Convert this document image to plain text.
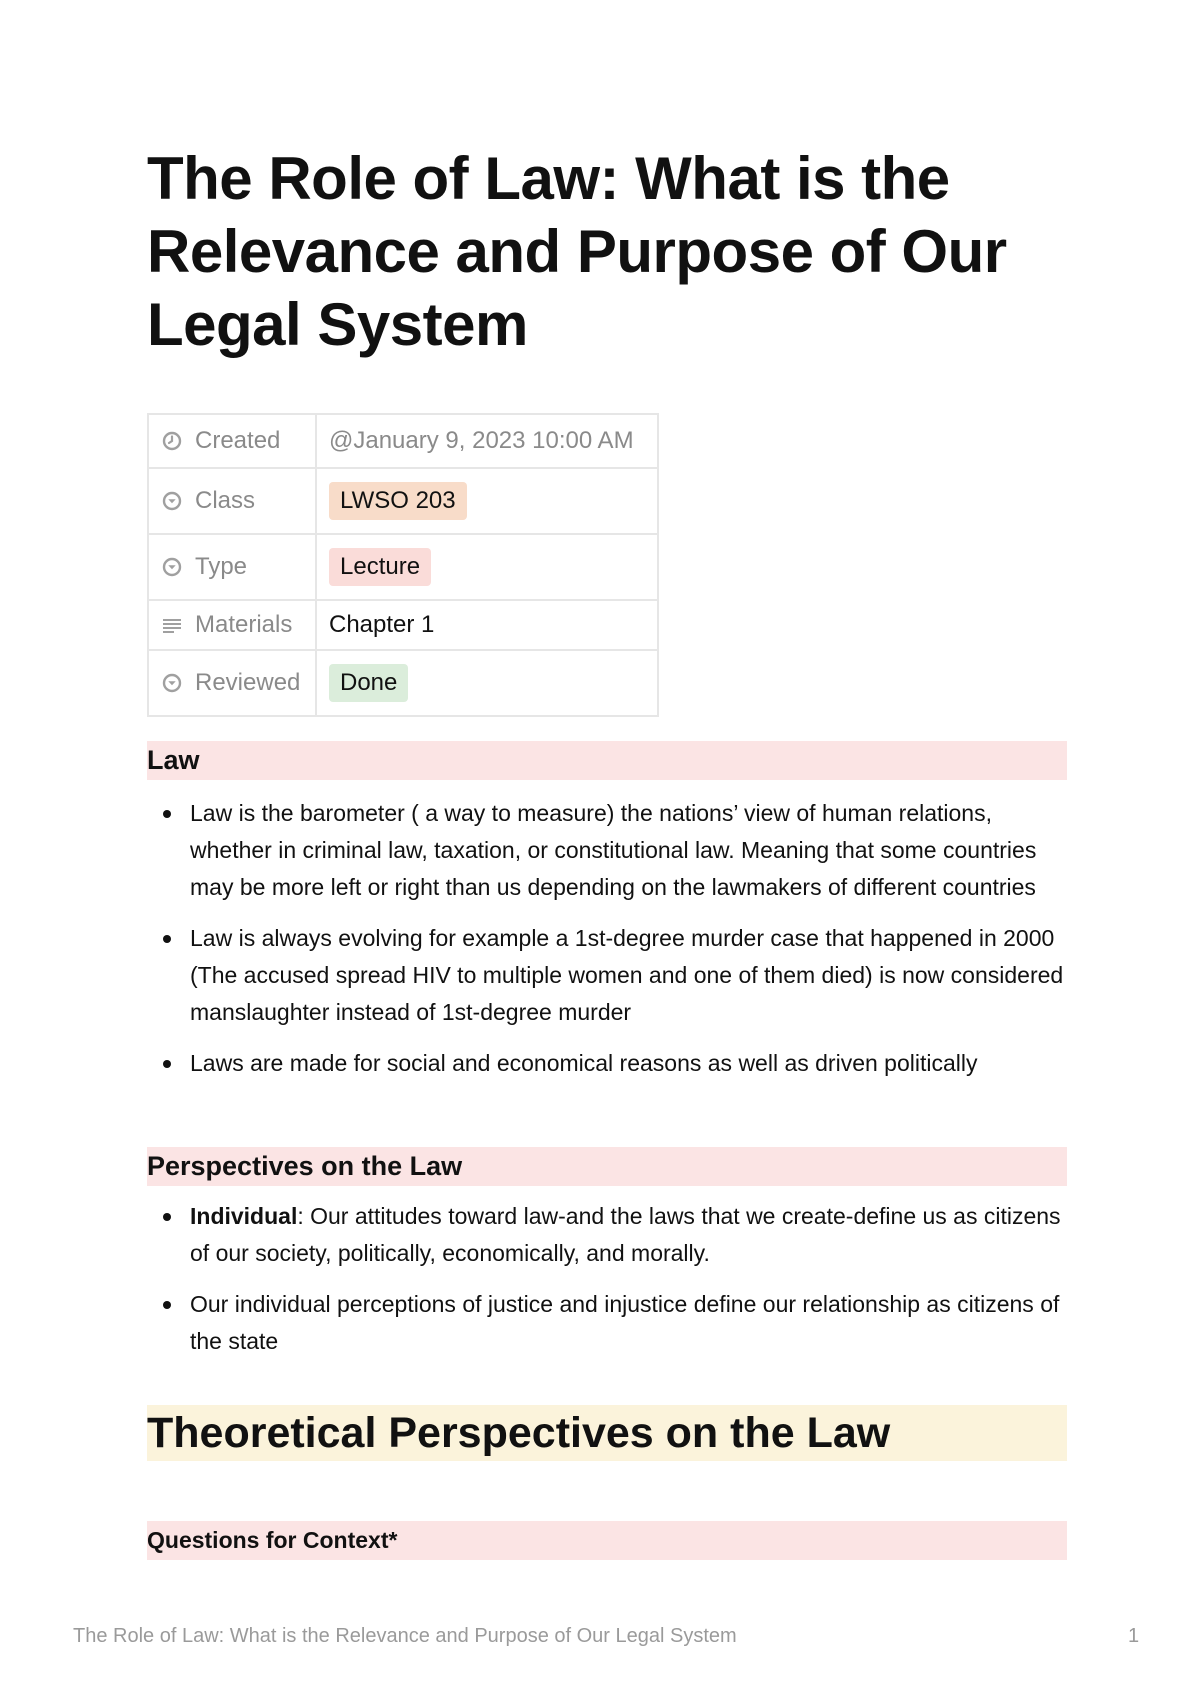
The Role of Law: What is the Relevance and Purpose of Our Legal System
Created	@January 9, 2023 10:00 AM

Class	LWSO 203

Type	Lecture

Materials	Chapter 1

Reviewed	Done
Law
Law is the barometer ( a way to measure) the nations’ view of human relations, whether in criminal law, taxation, or constitutional law. Meaning that some countries may be more left or right than us depending on the lawmakers of different countries
Law is always evolving for example a 1st-degree murder case that happened in 2000 (The accused spread HIV to multiple women and one of them died) is now considered manslaughter instead of 1st-degree murder
Laws are made for social and economical reasons as well as driven politically
Perspectives on the Law
Individual: Our attitudes toward law-and the laws that we create-define us as citizens of our society, politically, economically, and morally.
Our individual perceptions of justice and injustice define our relationship as citizens of the state
Theoretical Perspectives on the Law
Questions for Context*
The Role of Law: What is the Relevance and Purpose of Our Legal System	1
